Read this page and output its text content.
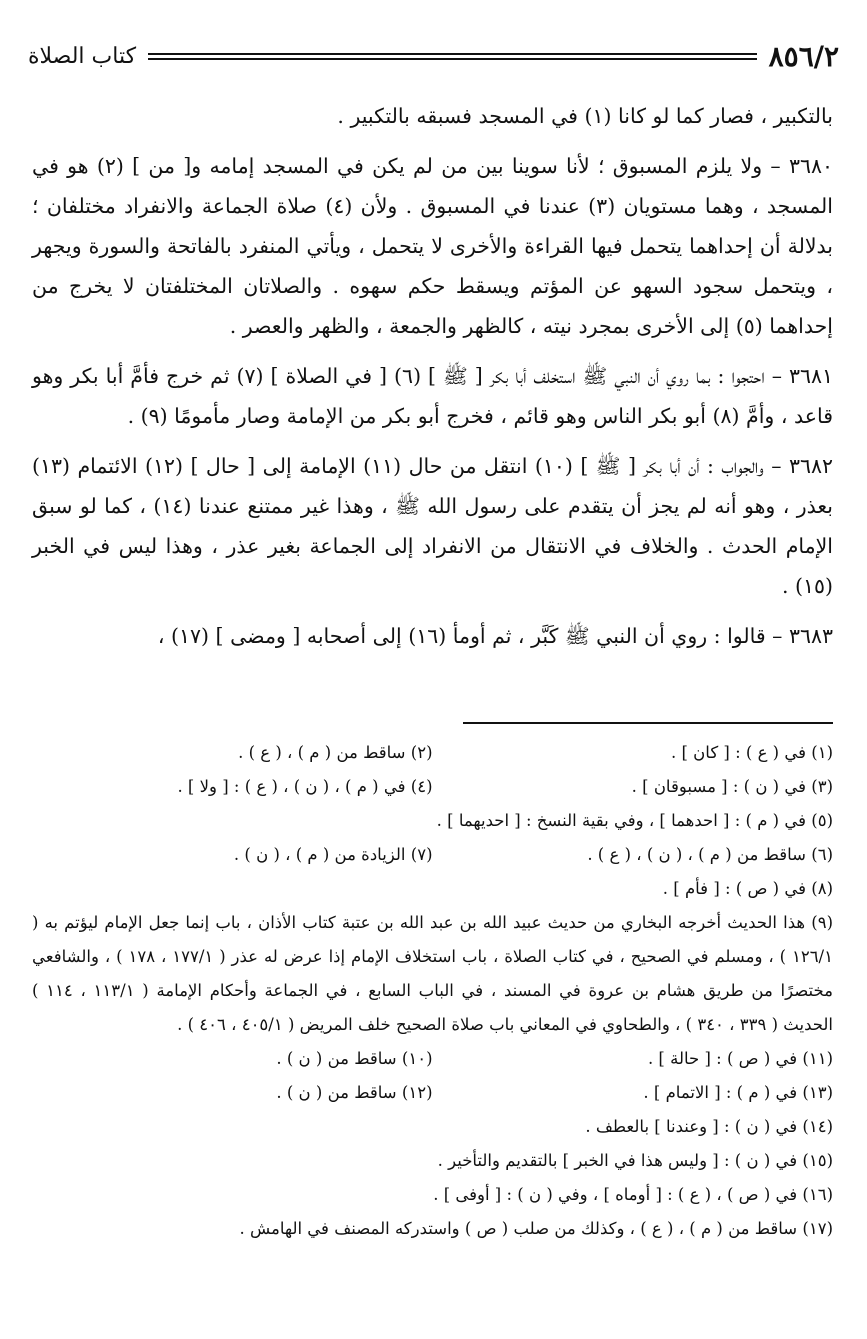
٨٥٦/٢
كتاب الصلاة

بالتكبير ، فصار كما لو كانا (١) في المسجد فسبقه بالتكبير .

٣٦٨٠ – ولا يلزم المسبوق ؛ لأنا سوينا بين من لم يكن في المسجد إمامه و[ من ] (٢) هو في المسجد ، وهما مستويان (٣) عندنا في المسبوق . ولأن (٤) صلاة الجماعة والانفراد مختلفان ؛ بدلالة أن إحداهما يتحمل فيها القراءة والأخرى لا يتحمل ، ويأتي المنفرد بالفاتحة والسورة ويجهر ، ويتحمل سجود السهو عن المؤتم ويسقط حكم سهوه . والصلاتان المختلفتان لا يخرج من إحداهما (٥) إلى الأخرى بمجرد نيته ، كالظهر والجمعة ، والظهر والعصر .

٣٦٨١ – احتجوا : بما روي أن النبي ﷺ استخلف أبا بكر [ ﷺ ] (٦) [ في الصلاة ] (٧) ثم خرج فأمَّ أبا بكر وهو قاعد ، وأمَّ (٨) أبو بكر الناس وهو قائم ، فخرج أبو بكر من الإمامة وصار مأمومًا (٩) .

٣٦٨٢ – والجواب : أن أبا بكر [ ﷺ ] (١٠) انتقل من حال (١١) الإمامة إلى [ حال ] (١٢) الائتمام (١٣) بعذر ، وهو أنه لم يجز أن يتقدم على رسول الله ﷺ ، وهذا غير ممتنع عندنا (١٤) ، كما لو سبق الإمام الحدث . والخلاف في الانتقال من الانفراد إلى الجماعة بغير عذر ، وهذا ليس في الخبر (١٥) .

٣٦٨٣ – قالوا : روي أن النبي ﷺ كَبَّر ، ثم أومأ (١٦) إلى أصحابه [ ومضى ] (١٧) ،

(١) في ( ع ) : [ كان ] .
(٢) ساقط من ( م ) ، ( ع ) .
(٣) في ( ن ) : [ مسبوقان ] .
(٤) في ( م ) ، ( ن ) ، ( ع ) : [ ولا ] .
(٥) في ( م ) : [ احدهما ] ، وفي بقية النسخ : [ احديهما ] .
(٦) ساقط من ( م ) ، ( ن ) ، ( ع ) .
(٧) الزيادة من ( م ) ، ( ن ) .
(٨) في ( ص ) : [ فأم ] .
(٩) هذا الحديث أخرجه البخاري من حديث عبيد الله بن عبد الله بن عتبة كتاب الأذان ، باب إنما جعل الإمام ليؤتم به ( ١٢٦/١ ) ، ومسلم في الصحيح ، في كتاب الصلاة ، باب استخلاف الإمام إذا عرض له عذر ( ١٧٧/١ ، ١٧٨ ) ، والشافعي مختصرًا من طريق هشام بن عروة في المسند ، في الباب السابع ، في الجماعة وأحكام الإمامة ( ١١٣/١ ، ١١٤ ) الحديث ( ٣٣٩ ، ٣٤٠ ) ، والطحاوي في المعاني باب صلاة الصحيح خلف المريض ( ٤٠٥/١ ، ٤٠٦ ) .
(١١) في ( ص ) : [ حالة ] .
(١٠) ساقط من ( ن ) .
(١٣) في ( م ) : [ الاتمام ] .
(١٢) ساقط من ( ن ) .
(١٤) في ( ن ) : [ وعندنا ] بالعطف .
(١٥) في ( ن ) : [ وليس هذا في الخبر ] بالتقديم والتأخير .
(١٦) في ( ص ) ، ( ع ) : [ أوماه ] ، وفي ( ن ) : [ أوفى ] .
(١٧) ساقط من ( م ) ، ( ع ) ، وكذلك من صلب ( ص ) واستدركه المصنف في الهامش .
